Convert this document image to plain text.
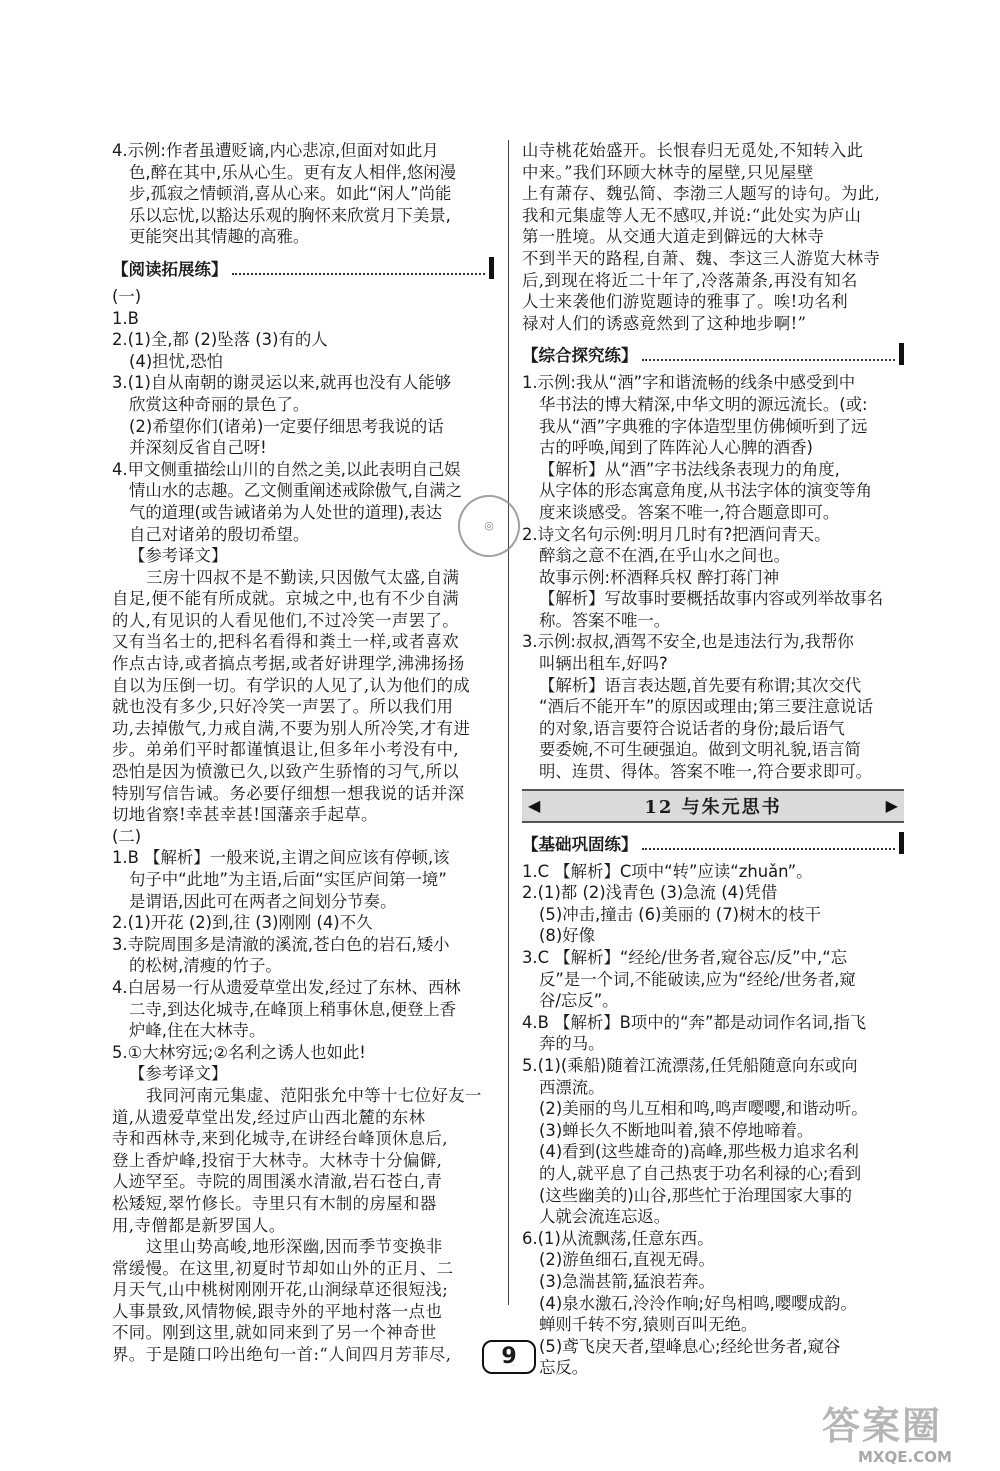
4.示例:作者虽遭贬谪,内心悲凉,但面对如此月

色,醉在其中,乐从心生。更有友人相伴,悠闲漫

步,孤寂之情顿消,喜从心来。如此“闲人”尚能

乐以忘忧,以豁达乐观的胸怀来欣赏月下美景,

更能突出其情趣的高雅。

【阅读拓展练】

(一)

1.B

2.(1)全,都 (2)坠落 (3)有的人

(4)担忧,恐怕

3.(1)自从南朝的谢灵运以来,就再也没有人能够

欣赏这种奇丽的景色了。

(2)希望你们(诸弟)一定要仔细思考我说的话

并深刻反省自己呀!

4.甲文侧重描绘山川的自然之美,以此表明自己娱

情山水的志趣。乙文侧重阐述戒除傲气,自满之

气的道理(或告诫诸弟为人处世的道理),表达

自己对诸弟的殷切希望。

【参考译文】

三房十四叔不是不勤读,只因傲气太盛,自满

自足,便不能有所成就。京城之中,也有不少自满

的人,有见识的人看见他们,不过冷笑一声罢了。

又有当名士的,把科名看得和粪土一样,或者喜欢

作点古诗,或者搞点考据,或者好讲理学,沸沸扬扬

自以为压倒一切。有学识的人见了,认为他们的成

就也没有多少,只好冷笑一声罢了。所以我们用

功,去掉傲气,力戒自满,不要为别人所冷笑,才有进

步。弟弟们平时都谨慎退让,但多年小考没有中,

恐怕是因为愤激已久,以致产生骄惰的习气,所以

特别写信告诫。务必要仔细想一想我说的话并深

切地省察!幸甚幸甚!国藩亲手起草。

(二)

1.B 【解析】一般来说,主谓之间应该有停顿,该

句子中“此地”为主语,后面“实匡庐间第一境”

是谓语,因此可在两者之间划分节奏。

2.(1)开花 (2)到,往 (3)刚刚 (4)不久

3.寺院周围多是清澈的溪流,苍白色的岩石,矮小

的松树,清瘦的竹子。

4.白居易一行从遗爱草堂出发,经过了东林、西林

二寺,到达化城寺,在峰顶上稍事休息,便登上香

炉峰,住在大林寺。

5.①大林穷远;②名利之诱人也如此!

【参考译文】

我同河南元集虚、范阳张允中等十七位好友一

道,从遗爱草堂出发,经过庐山西北麓的东林

寺和西林寺,来到化城寺,在讲经台峰顶休息后,

登上香炉峰,投宿于大林寺。大林寺十分偏僻,

人迹罕至。寺院的周围溪水清澈,岩石苍白,青

松矮短,翠竹修长。寺里只有木制的房屋和器

用,寺僧都是新罗国人。

这里山势高峻,地形深幽,因而季节变换非

常缓慢。在这里,初夏时节却如山外的正月、二

月天气,山中桃树刚刚开花,山涧绿草还很短浅;

人事景致,风情物候,跟寺外的平地村落一点也

不同。刚到这里,就如同来到了另一个神奇世

界。于是随口吟出绝句一首:“人间四月芳菲尽,

山寺桃花始盛开。长恨春归无觅处,不知转入此

中来。”我们环顾大林寺的屋壁,只见屋壁

上有萧存、魏弘简、李渤三人题写的诗句。为此,

我和元集虚等人无不感叹,并说:“此处实为庐山

第一胜境。从交通大道走到僻远的大林寺

不到半天的路程,自萧、魏、李这三人游览大林寺

后,到现在将近二十年了,冷落萧条,再没有知名

人士来袭他们游览题诗的雅事了。唉!功名利

禄对人们的诱惑竟然到了这种地步啊!”

【综合探究练】

1.示例:我从“酒”字和谐流畅的线条中感受到中

华书法的博大精深,中华文明的源远流长。(或:

我从“酒”字典雅的字体造型里仿佛倾听到了远

古的呼唤,闻到了阵阵沁人心脾的酒香)

【解析】从“酒”字书法线条表现力的角度,

从字体的形态寓意角度,从书法字体的演变等角

度来谈感受。答案不唯一,符合题意即可。

2.诗文名句示例:明月几时有?把酒问青天。

醉翁之意不在酒,在乎山水之间也。

故事示例:杯酒释兵权 醉打蒋门神

【解析】写故事时要概括故事内容或列举故事名

称。答案不唯一。

3.示例:叔叔,酒驾不安全,也是违法行为,我帮你

叫辆出租车,好吗?

【解析】语言表达题,首先要有称谓;其次交代

“酒后不能开车”的原因或理由;第三要注意说话

的对象,语言要符合说话者的身份;最后语气

要委婉,不可生硬强迫。做到文明礼貌,语言简

明、连贯、得体。答案不唯一,符合要求即可。

◀	12 与朱元思书	▶
【基础巩固练】

1.C 【解析】C项中“转”应读“zhuǎn”。

2.(1)都 (2)浅青色 (3)急流 (4)凭借

(5)冲击,撞击 (6)美丽的 (7)树木的枝干

(8)好像

3.C 【解析】“经纶/世务者,窥谷忘/反”中,“忘

反”是一个词,不能破读,应为“经纶/世务者,窥

谷/忘反”。

4.B 【解析】B项中的“奔”都是动词作名词,指飞

奔的马。

5.(1)(乘船)随着江流漂荡,任凭船随意向东或向

西漂流。

(2)美丽的鸟儿互相和鸣,鸣声嘤嘤,和谐动听。

(3)蝉长久不断地叫着,猿不停地啼着。

(4)看到(这些雄奇的)高峰,那些极力追求名利

的人,就平息了自己热衷于功名利禄的心;看到

(这些幽美的)山谷,那些忙于治理国家大事的

人就会流连忘返。

6.(1)从流飘荡,任意东西。

(2)游鱼细石,直视无碍。

(3)急湍甚箭,猛浪若奔。

(4)泉水激石,泠泠作响;好鸟相鸣,嘤嘤成韵。

蝉则千转不穷,猿则百叫无绝。

(5)鸢飞戾天者,望峰息心;经纶世务者,窥谷

忘反。

9
◎
答案圈
MXQE.COM
